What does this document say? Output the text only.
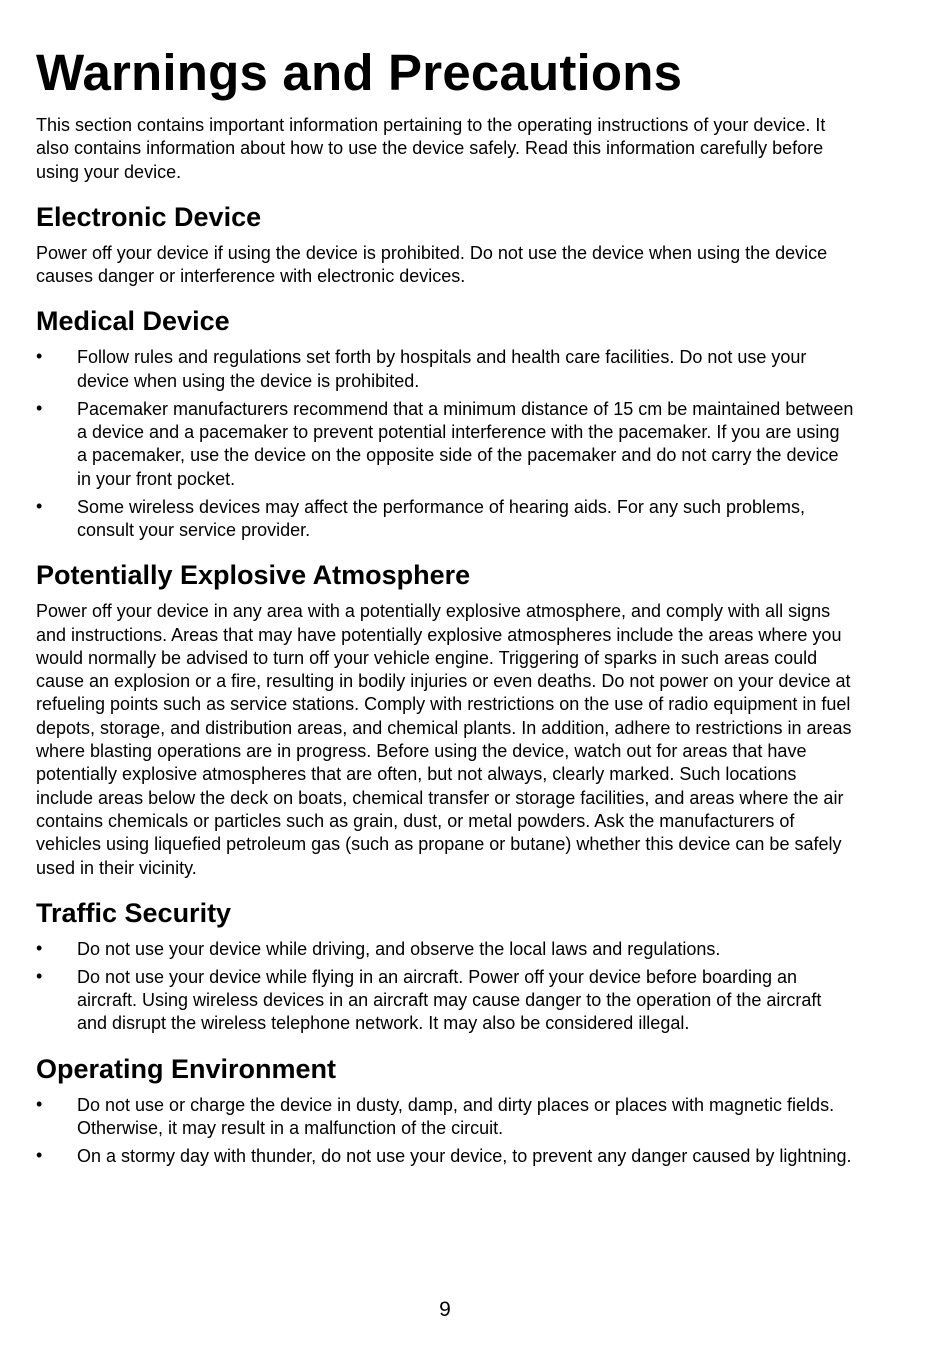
Warnings and Precautions

This section contains important information pertaining to the operating instructions of your device. It also contains information about how to use the device safely. Read this information carefully before using your device.

Electronic Device

Power off your device if using the device is prohibited. Do not use the device when using the device causes danger or interference with electronic devices.

Medical Device
•	Follow rules and regulations set forth by hospitals and health care facilities. Do not use your device when using the device is prohibited.
•	Pacemaker manufacturers recommend that a minimum distance of 15 cm be maintained between a device and a pacemaker to prevent potential interference with the pacemaker. If you are using a pacemaker, use the device on the opposite side of the pacemaker and do not carry the device in your front pocket.
•	Some wireless devices may affect the performance of hearing aids. For any such problems, consult your service provider.
Potentially Explosive Atmosphere

Power off your device in any area with a potentially explosive atmosphere, and comply with all signs and instructions. Areas that may have potentially explosive atmospheres include the areas where you would normally be advised to turn off your vehicle engine. Triggering of sparks in such areas could cause an explosion or a fire, resulting in bodily injuries or even deaths. Do not power on your device at refueling points such as service stations. Comply with restrictions on the use of radio equipment in fuel depots, storage, and distribution areas, and chemical plants. In addition, adhere to restrictions in areas where blasting operations are in progress. Before using the device, watch out for areas that have potentially explosive atmospheres that are often, but not always, clearly marked. Such locations include areas below the deck on boats, chemical transfer or storage facilities, and areas where the air contains chemicals or particles such as grain, dust, or metal powders. Ask the manufacturers of vehicles using liquefied petroleum gas (such as propane or butane) whether this device can be safely used in their vicinity.

Traffic Security
•	Do not use your device while driving, and observe the local laws and regulations.
•	Do not use your device while flying in an aircraft. Power off your device before boarding an aircraft. Using wireless devices in an aircraft may cause danger to the operation of the aircraft and disrupt the wireless telephone network. It may also be considered illegal.
Operating Environment
•	Do not use or charge the device in dusty, damp, and dirty places or places with magnetic fields. Otherwise, it may result in a malfunction of the circuit.
•	On a stormy day with thunder, do not use your device, to prevent any danger caused by lightning.
9
